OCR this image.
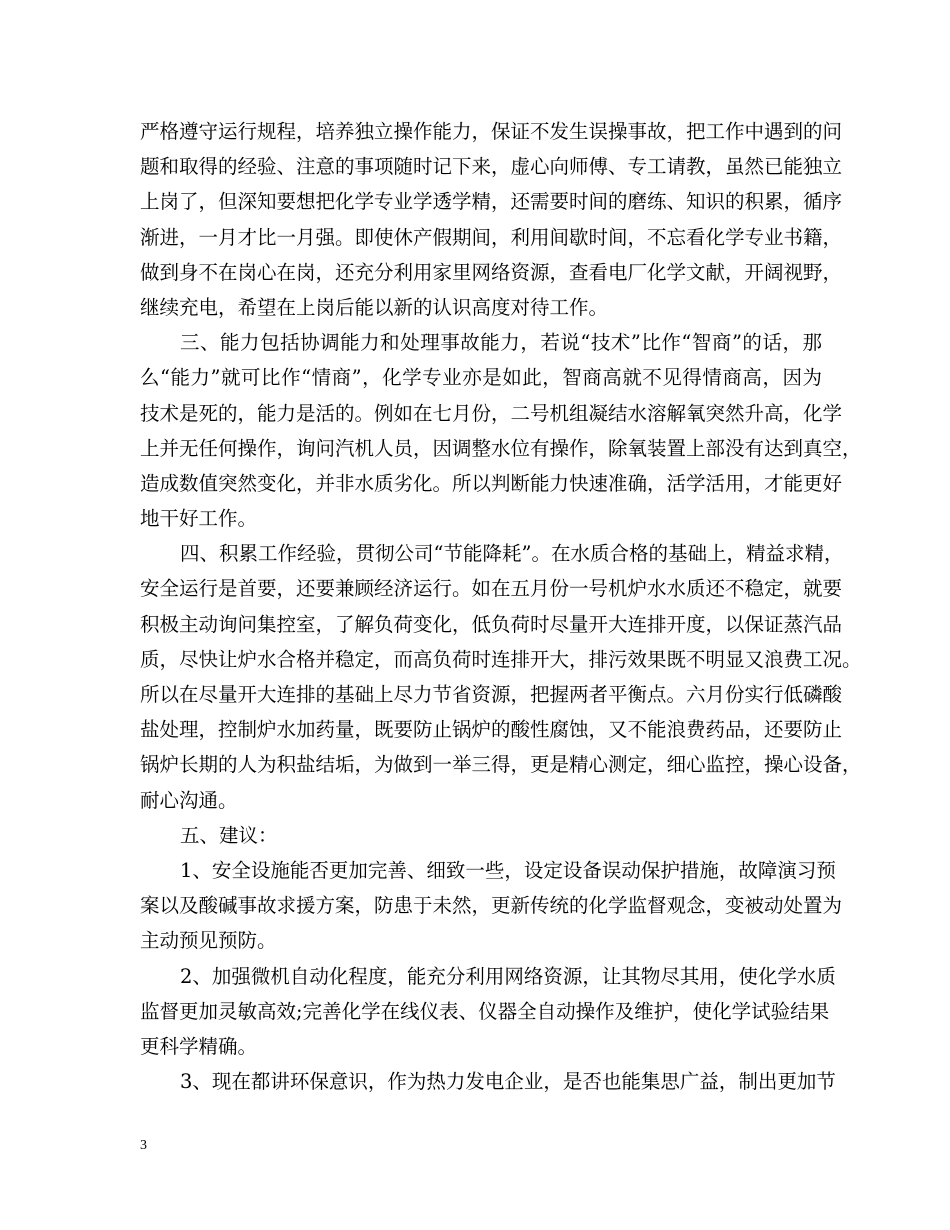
严格遵守运行规程，培养独立操作能力，保证不发生误操事故，把工作中遇到的问
题和取得的经验、注意的事项随时记下来，虚心向师傅、专工请教，虽然已能独立
上岗了，但深知要想把化学专业学透学精，还需要时间的磨练、知识的积累，循序
渐进，一月才比一月强。即使休产假期间，利用间歇时间，不忘看化学专业书籍，
做到身不在岗心在岗，还充分利用家里网络资源，查看电厂化学文献，开阔视野，
继续充电，希望在上岗后能以新的认识高度对待工作。
三、能力包括协调能力和处理事故能力，若说“技术”比作“智商”的话，那
么“能力”就可比作“情商”，化学专业亦是如此，智商高就不见得情商高，因为
技术是死的，能力是活的。例如在七月份，二号机组凝结水溶解氧突然升高，化学
上并无任何操作，询问汽机人员，因调整水位有操作，除氧装置上部没有达到真空，
造成数值突然变化，并非水质劣化。所以判断能力快速准确，活学活用，才能更好
地干好工作。
四、积累工作经验，贯彻公司“节能降耗”。在水质合格的基础上，精益求精，
安全运行是首要，还要兼顾经济运行。如在五月份一号机炉水水质还不稳定，就要
积极主动询问集控室，了解负荷变化，低负荷时尽量开大连排开度，以保证蒸汽品
质，尽快让炉水合格并稳定，而高负荷时连排开大，排污效果既不明显又浪费工况。
所以在尽量开大连排的基础上尽力节省资源，把握两者平衡点。六月份实行低磷酸
盐处理，控制炉水加药量，既要防止锅炉的酸性腐蚀，又不能浪费药品，还要防止
锅炉长期的人为积盐结垢，为做到一举三得，更是精心测定，细心监控，操心设备，
耐心沟通。
五、建议：
1、安全设施能否更加完善、细致一些，设定设备误动保护措施，故障演习预
案以及酸碱事故求援方案，防患于未然，更新传统的化学监督观念，变被动处置为
主动预见预防。
2、加强微机自动化程度，能充分利用网络资源，让其物尽其用，使化学水质
监督更加灵敏高效;完善化学在线仪表、仪器全自动操作及维护，使化学试验结果
更科学精确。
3、现在都讲环保意识，作为热力发电企业，是否也能集思广益，制出更加节
3
